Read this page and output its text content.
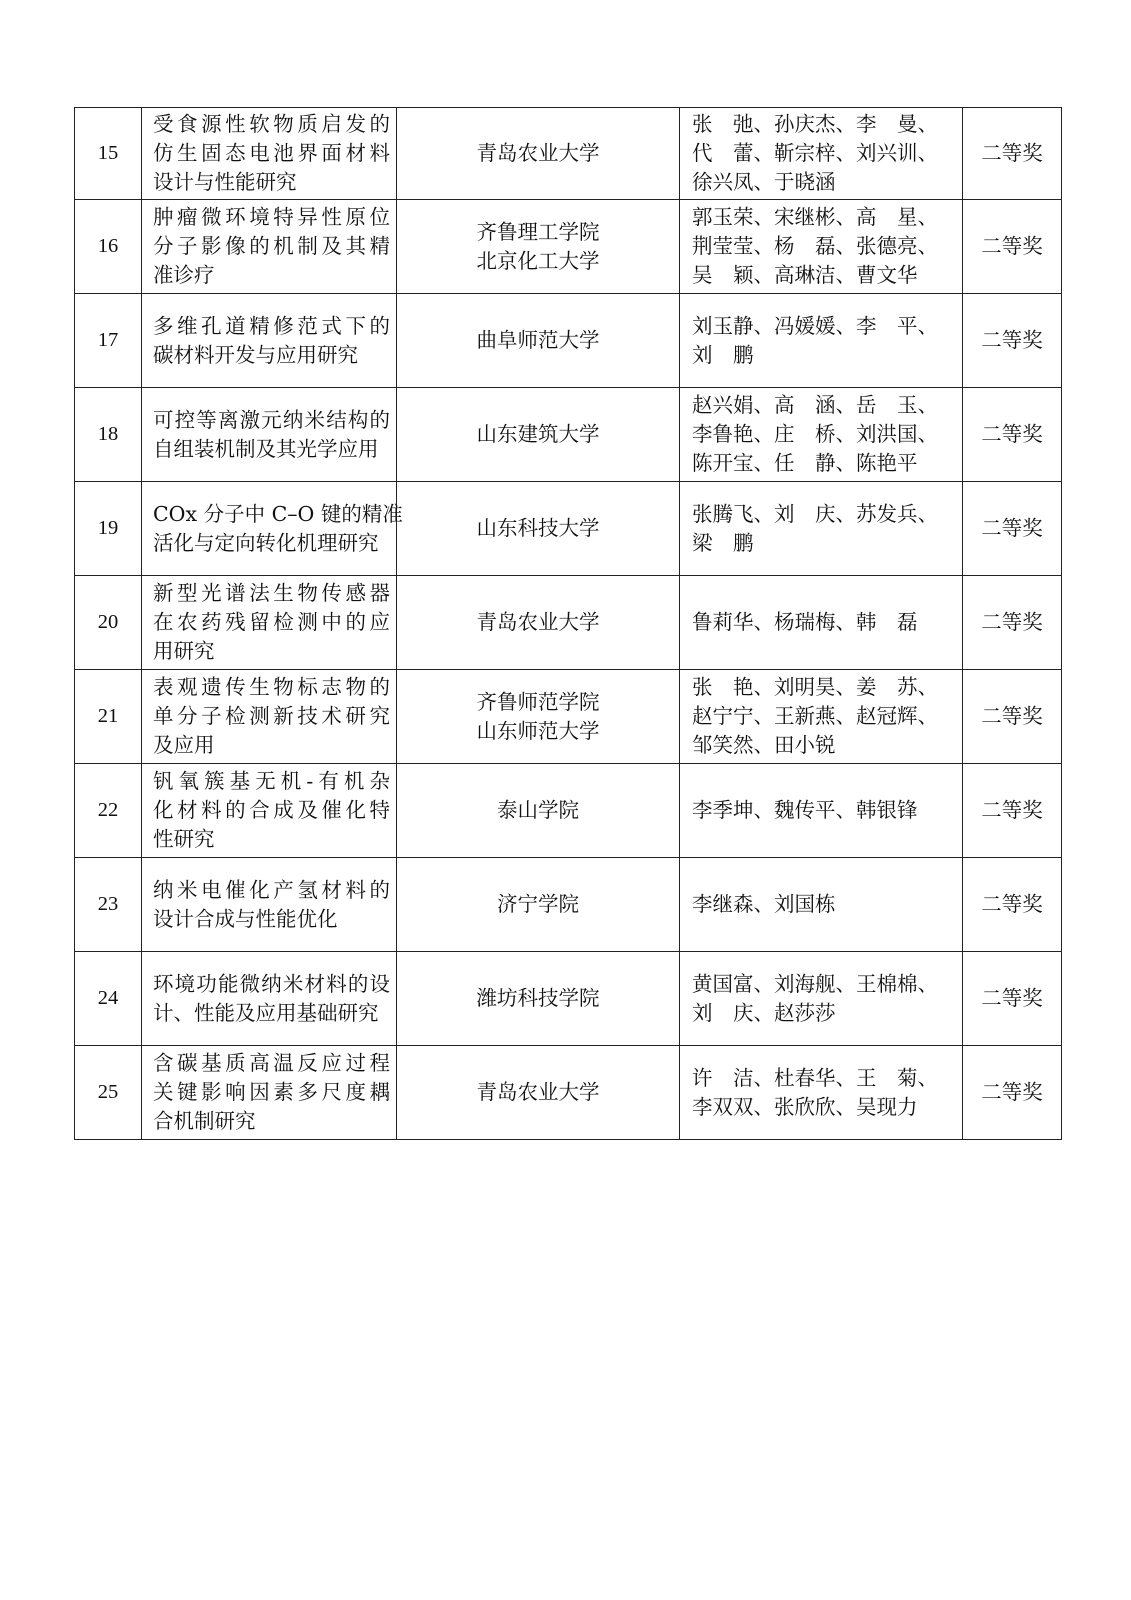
15	受食源性软物质启发的
仿生固态电池界面材料
设计与性能研究	青岛农业大学	张　弛、孙庆杰、李　曼、
代　蕾、靳宗梓、刘兴训、
徐兴凤、于晓涵	二等奖
16	肿瘤微环境特异性原位
分子影像的机制及其精
准诊疗	齐鲁理工学院
北京化工大学	郭玉荣、宋继彬、高　星、
荆莹莹、杨　磊、张德亮、
吴　颖、高琳洁、曹文华	二等奖
17	多维孔道精修范式下的
碳材料开发与应用研究	曲阜师范大学	刘玉静、冯媛媛、李　平、
刘　鹏	二等奖
18	可控等离激元纳米结构的
自组装机制及其光学应用	山东建筑大学	赵兴娟、高　涵、岳　玉、
李鲁艳、庄　桥、刘洪国、
陈开宝、任　静、陈艳平	二等奖
19	COx 分子中 C–O 键的精准
活化与定向转化机理研究	山东科技大学	张腾飞、刘　庆、苏发兵、
梁　鹏	二等奖
20	新型光谱法生物传感器
在农药残留检测中的应
用研究	青岛农业大学	鲁莉华、杨瑞梅、韩　磊	二等奖
21	表观遗传生物标志物的
单分子检测新技术研究
及应用	齐鲁师范学院
山东师范大学	张　艳、刘明昊、姜　苏、
赵宁宁、王新燕、赵冠辉、
邹笑然、田小锐	二等奖
22	钒氧簇基无机-有机杂
化材料的合成及催化特
性研究	泰山学院	李季坤、魏传平、韩银锋	二等奖
23	纳米电催化产氢材料的
设计合成与性能优化	济宁学院	李继森、刘国栋	二等奖
24	环境功能微纳米材料的设
计、性能及应用基础研究	潍坊科技学院	黄国富、刘海舰、王棉棉、
刘　庆、赵莎莎	二等奖
25	含碳基质高温反应过程
关键影响因素多尺度耦
合机制研究	青岛农业大学	许　洁、杜春华、王　菊、
李双双、张欣欣、吴现力	二等奖
